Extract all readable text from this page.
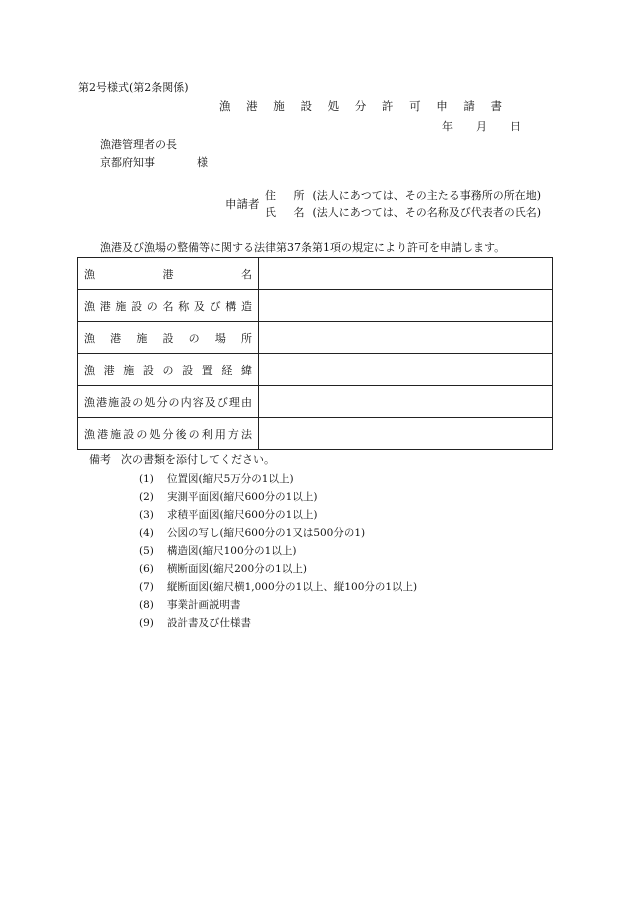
第2号様式(第2条関係)
漁 港 施 設 処 分 許 可 申 請 書
年 月 日
漁港管理者の長
京都府知事	様
申請者
住 所(法人にあつては、その主たる事務所の所在地)
氏 名(法人にあつては、その名称及び代表者の氏名)
漁港及び漁場の整備等に関する法律第37条第1項の規定により許可を申請します。
漁港名	

漁港施設の名称及び構造	

漁港施設の場所	

漁港施設の設置経緯	

漁港施設の処分の内容及び理由	

漁港施設の処分後の利用方法	

備考 次の書類を添付してください。
(1) 位置図(縮尺5万分の1以上)
(2) 実測平面図(縮尺600分の1以上)
(3) 求積平面図(縮尺600分の1以上)
(4) 公図の写し(縮尺600分の1又は500分の1)
(5) 構造図(縮尺100分の1以上)
(6) 横断面図(縮尺200分の1以上)
(7) 縦断面図(縮尺横1,000分の1以上、縦100分の1以上)
(8) 事業計画説明書
(9) 設計書及び仕様書
